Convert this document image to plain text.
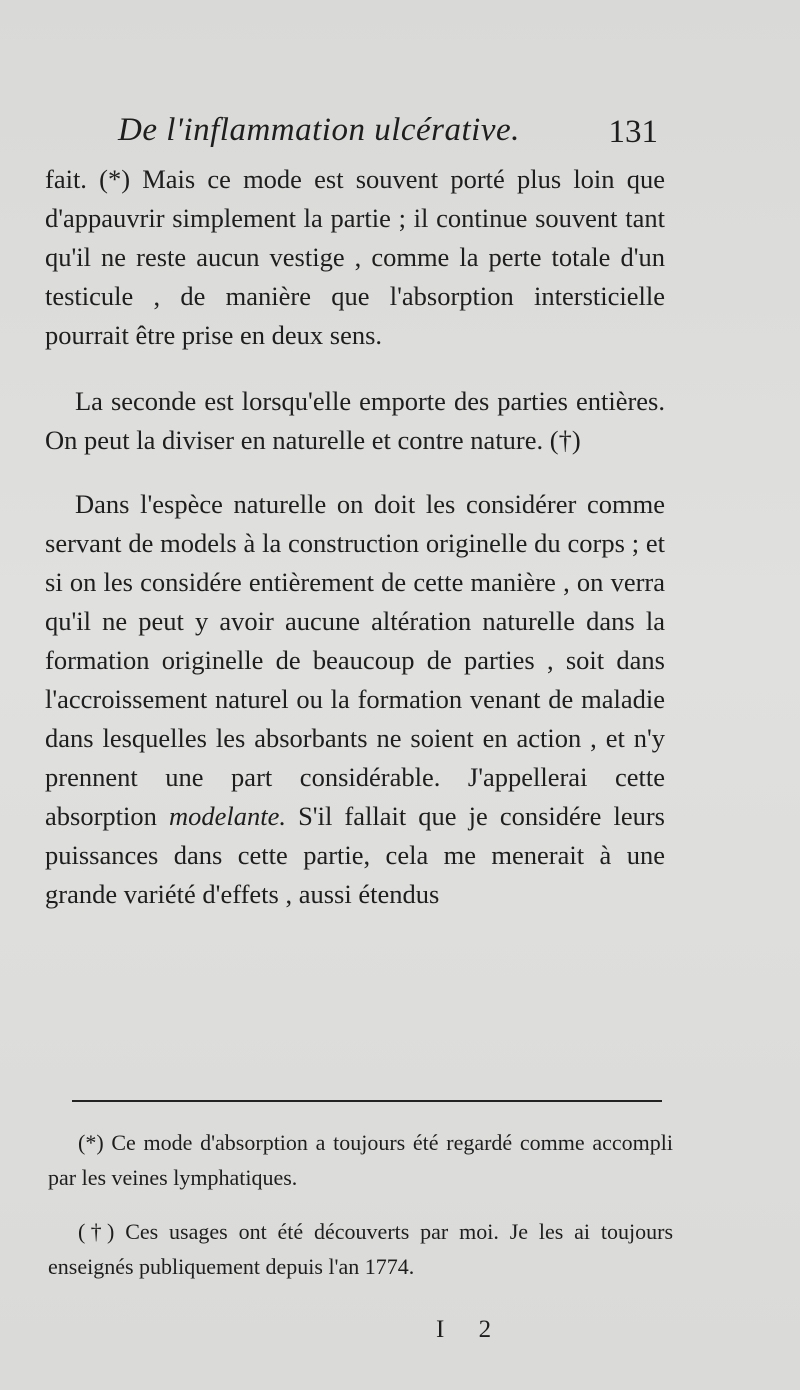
De l'inflammation ulcérative.	131

fait. (*) Mais ce mode est souvent porté plus loin que d'appauvrir simplement la partie ; il continue souvent tant qu'il ne reste aucun vestige , comme la perte totale d'un testicule , de manière que l'absorption intersticielle pourrait être prise en deux sens.

La seconde est lorsqu'elle emporte des parties entières. On peut la diviser en naturelle et contre nature. (†)

Dans l'espèce naturelle on doit les considérer comme servant de models à la construction originelle du corps ; et si on les considére entièrement de cette manière , on verra qu'il ne peut y avoir aucune altération naturelle dans la formation originelle de beaucoup de parties , soit dans l'accroissement naturel ou la formation venant de maladie dans lesquelles les absorbants ne soient en action , et n'y prennent une part considérable. J'appellerai cette absorption modelante. S'il fallait que je considére leurs puissances dans cette partie, cela me menerait à une grande variété d'effets , aussi étendus

(*) Ce mode d'absorption a toujours été regardé comme accompli par les veines lymphatiques.

(†) Ces usages ont été découverts par moi. Je les ai toujours enseignés publiquement depuis l'an 1774.

I 2
